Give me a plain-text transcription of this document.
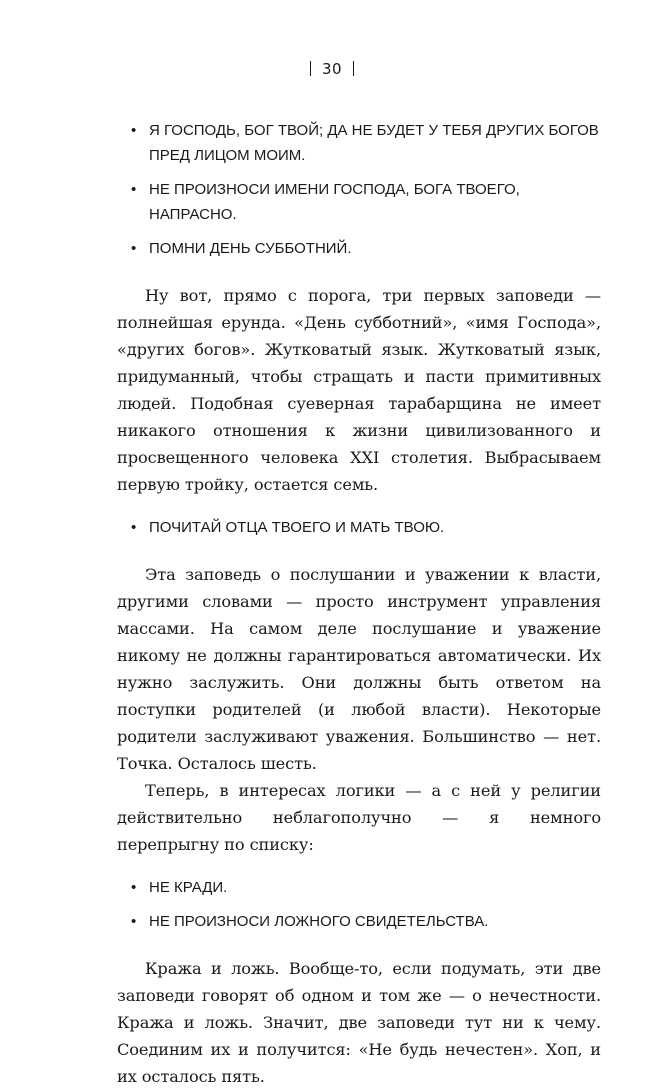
30
• Я ГОСПОДЬ, БОГ ТВОЙ; ДА НЕ БУДЕТ У ТЕБЯ ДРУГИХ БОГОВ ПРЕД ЛИЦОМ МОИМ.
• НЕ ПРОИЗНОСИ ИМЕНИ ГОСПОДА, БОГА ТВОЕГО, НАПРАСНО.
• ПОМНИ ДЕНЬ СУББОТНИЙ.

Ну вот, прямо с порога, три первых заповеди — полнейшая ерунда. «День субботний», «имя Господа», «других богов». Жутковатый язык. Жутковатый язык, придуманный, чтобы стращать и пасти примитивных людей. Подобная суеверная тарабарщина не имеет никакого отношения к жизни цивилизованного и просвещенного человека XXI столетия. Выбрасываем первую тройку, остается семь.

• ПОЧИТАЙ ОТЦА ТВОЕГО И МАТЬ ТВОЮ.

Эта заповедь о послушании и уважении к власти, другими словами — просто инструмент управления массами. На самом деле послушание и уважение никому не должны гарантироваться автоматически. Их нужно заслужить. Они должны быть ответом на поступки родителей (и любой власти). Некоторые родители заслуживают уважения. Большинство — нет. Точка. Осталось шесть.

Теперь, в интересах логики — а с ней у религии действительно неблагополучно — я немного перепрыгну по списку:

• НЕ КРАДИ.
• НЕ ПРОИЗНОСИ ЛОЖНОГО СВИДЕТЕЛЬСТВА.

Кража и ложь. Вообще-то, если подумать, эти две заповеди говорят об одном и том же — о нечестности. Кража и ложь. Значит, две заповеди тут ни к чему. Соединим их и получится: «Не будь нечестен». Хоп, и их осталось пять.
